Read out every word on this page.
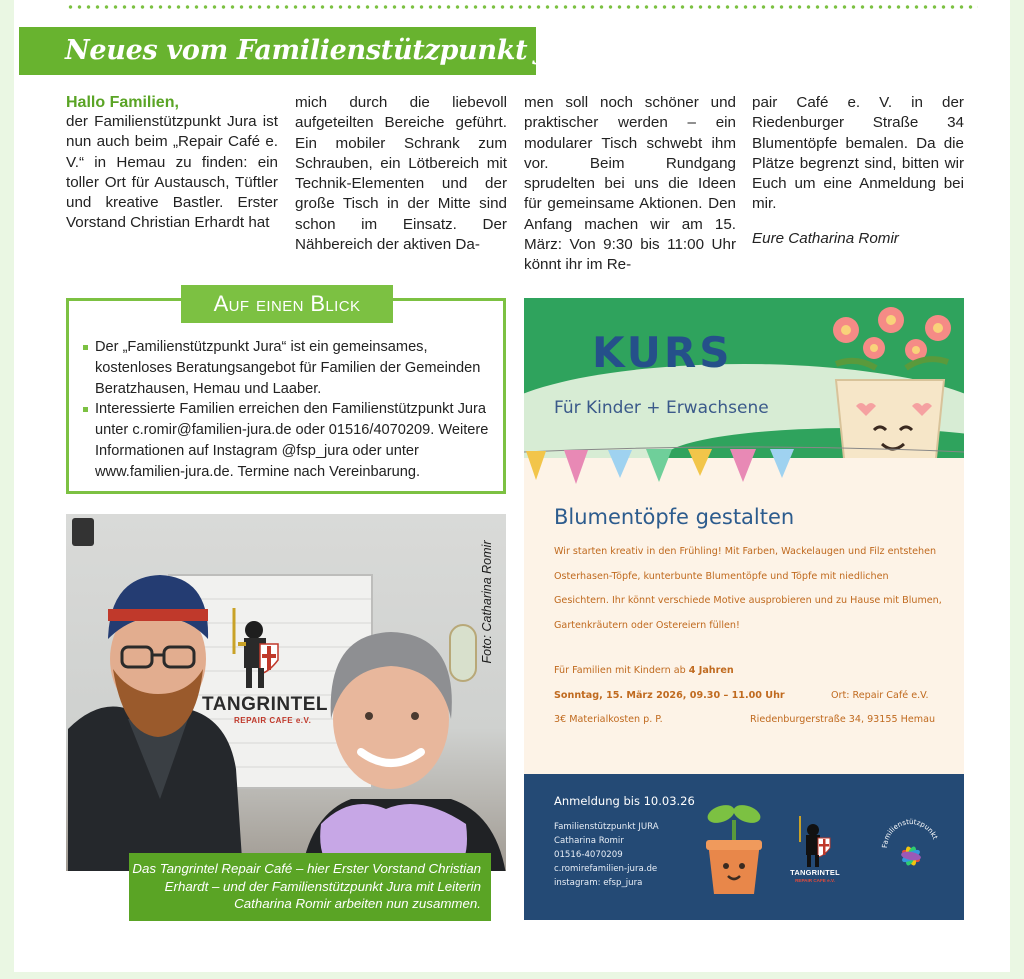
Neues vom Familienstützpunkt Jura
Hallo Familien,

der Familienstützpunkt Jura ist nun auch beim „Repair Café e. V.“ in Hemau zu finden: ein toller Ort für Austausch, Tüftler und kreative Bastler. Erster Vorstand Christian Erhardt hat

mich durch die liebevoll aufgeteilten Bereiche geführt. Ein mobiler Schrank zum Schrauben, ein Lötbereich mit Technik-Elementen und der große Tisch in der Mitte sind schon im Einsatz. Der Nähbereich der aktiven Da-

men soll noch schöner und praktischer werden – ein modularer Tisch schwebt ihm vor. Beim Rundgang sprudelten bei uns die Ideen für gemeinsame Aktionen. Den Anfang machen wir am 15. März: Von 9:30 bis 11:00 Uhr könnt ihr im Re-

pair Café e. V. in der Riedenburger Straße 34 Blumentöpfe bemalen. Da die Plätze begrenzt sind, bitten wir Euch um eine Anmeldung bei mir.

Eure Catharina Romir

Auf einen Blick
Der „Familienstützpunkt Jura“ ist ein gemeinsames, kostenloses Beratungsangebot für Familien der Gemeinden Beratzhausen, Hemau und Laaber.
Interessierte Familien erreichen den Familienstützpunkt Jura unter c.romir@familien-jura.de oder 01516/4070209. Weitere Informationen auf Instagram @fsp_jura oder unter www.familien-jura.de. Termine nach Vereinbarung.
TANGRINTEL
REPAIR CAFE e.V.
Foto: Catharina Romir
Das Tangrintel Repair Café – hier Erster Vorstand Christian Erhardt – und der Familienstützpunkt Jura mit Leiterin Catharina Romir arbeiten nun zusammen.
KURS
Für Kinder + Erwachsene
Blumentöpfe gestalten
Wir starten kreativ in den Frühling! Mit Farben, Wackelaugen und Filz entstehen Osterhasen-Töpfe, kunterbunte Blumentöpfe und Töpfe mit niedlichen Gesichtern. Ihr könnt verschiede Motive ausprobieren und zu Hause mit Blumen, Gartenkräutern oder Ostereiern füllen!
Für Familien mit Kindern ab 4 Jahren
Sonntag, 15. März 2026, 09.30 – 11.00 Uhr	Ort: Repair Café e.V.
3€ Materialkosten p. P.	Riedenburgerstraße 34, 93155 Hemau
Anmeldung bis 10.03.26
Familienstützpunkt JURA
Catharina Romir
01516-4070209
c.romirefamilien-jura.de
instagram: efsp_jura
TANGRINTEL
REPAIR CAFE e.V.
Familienstützpunkt
